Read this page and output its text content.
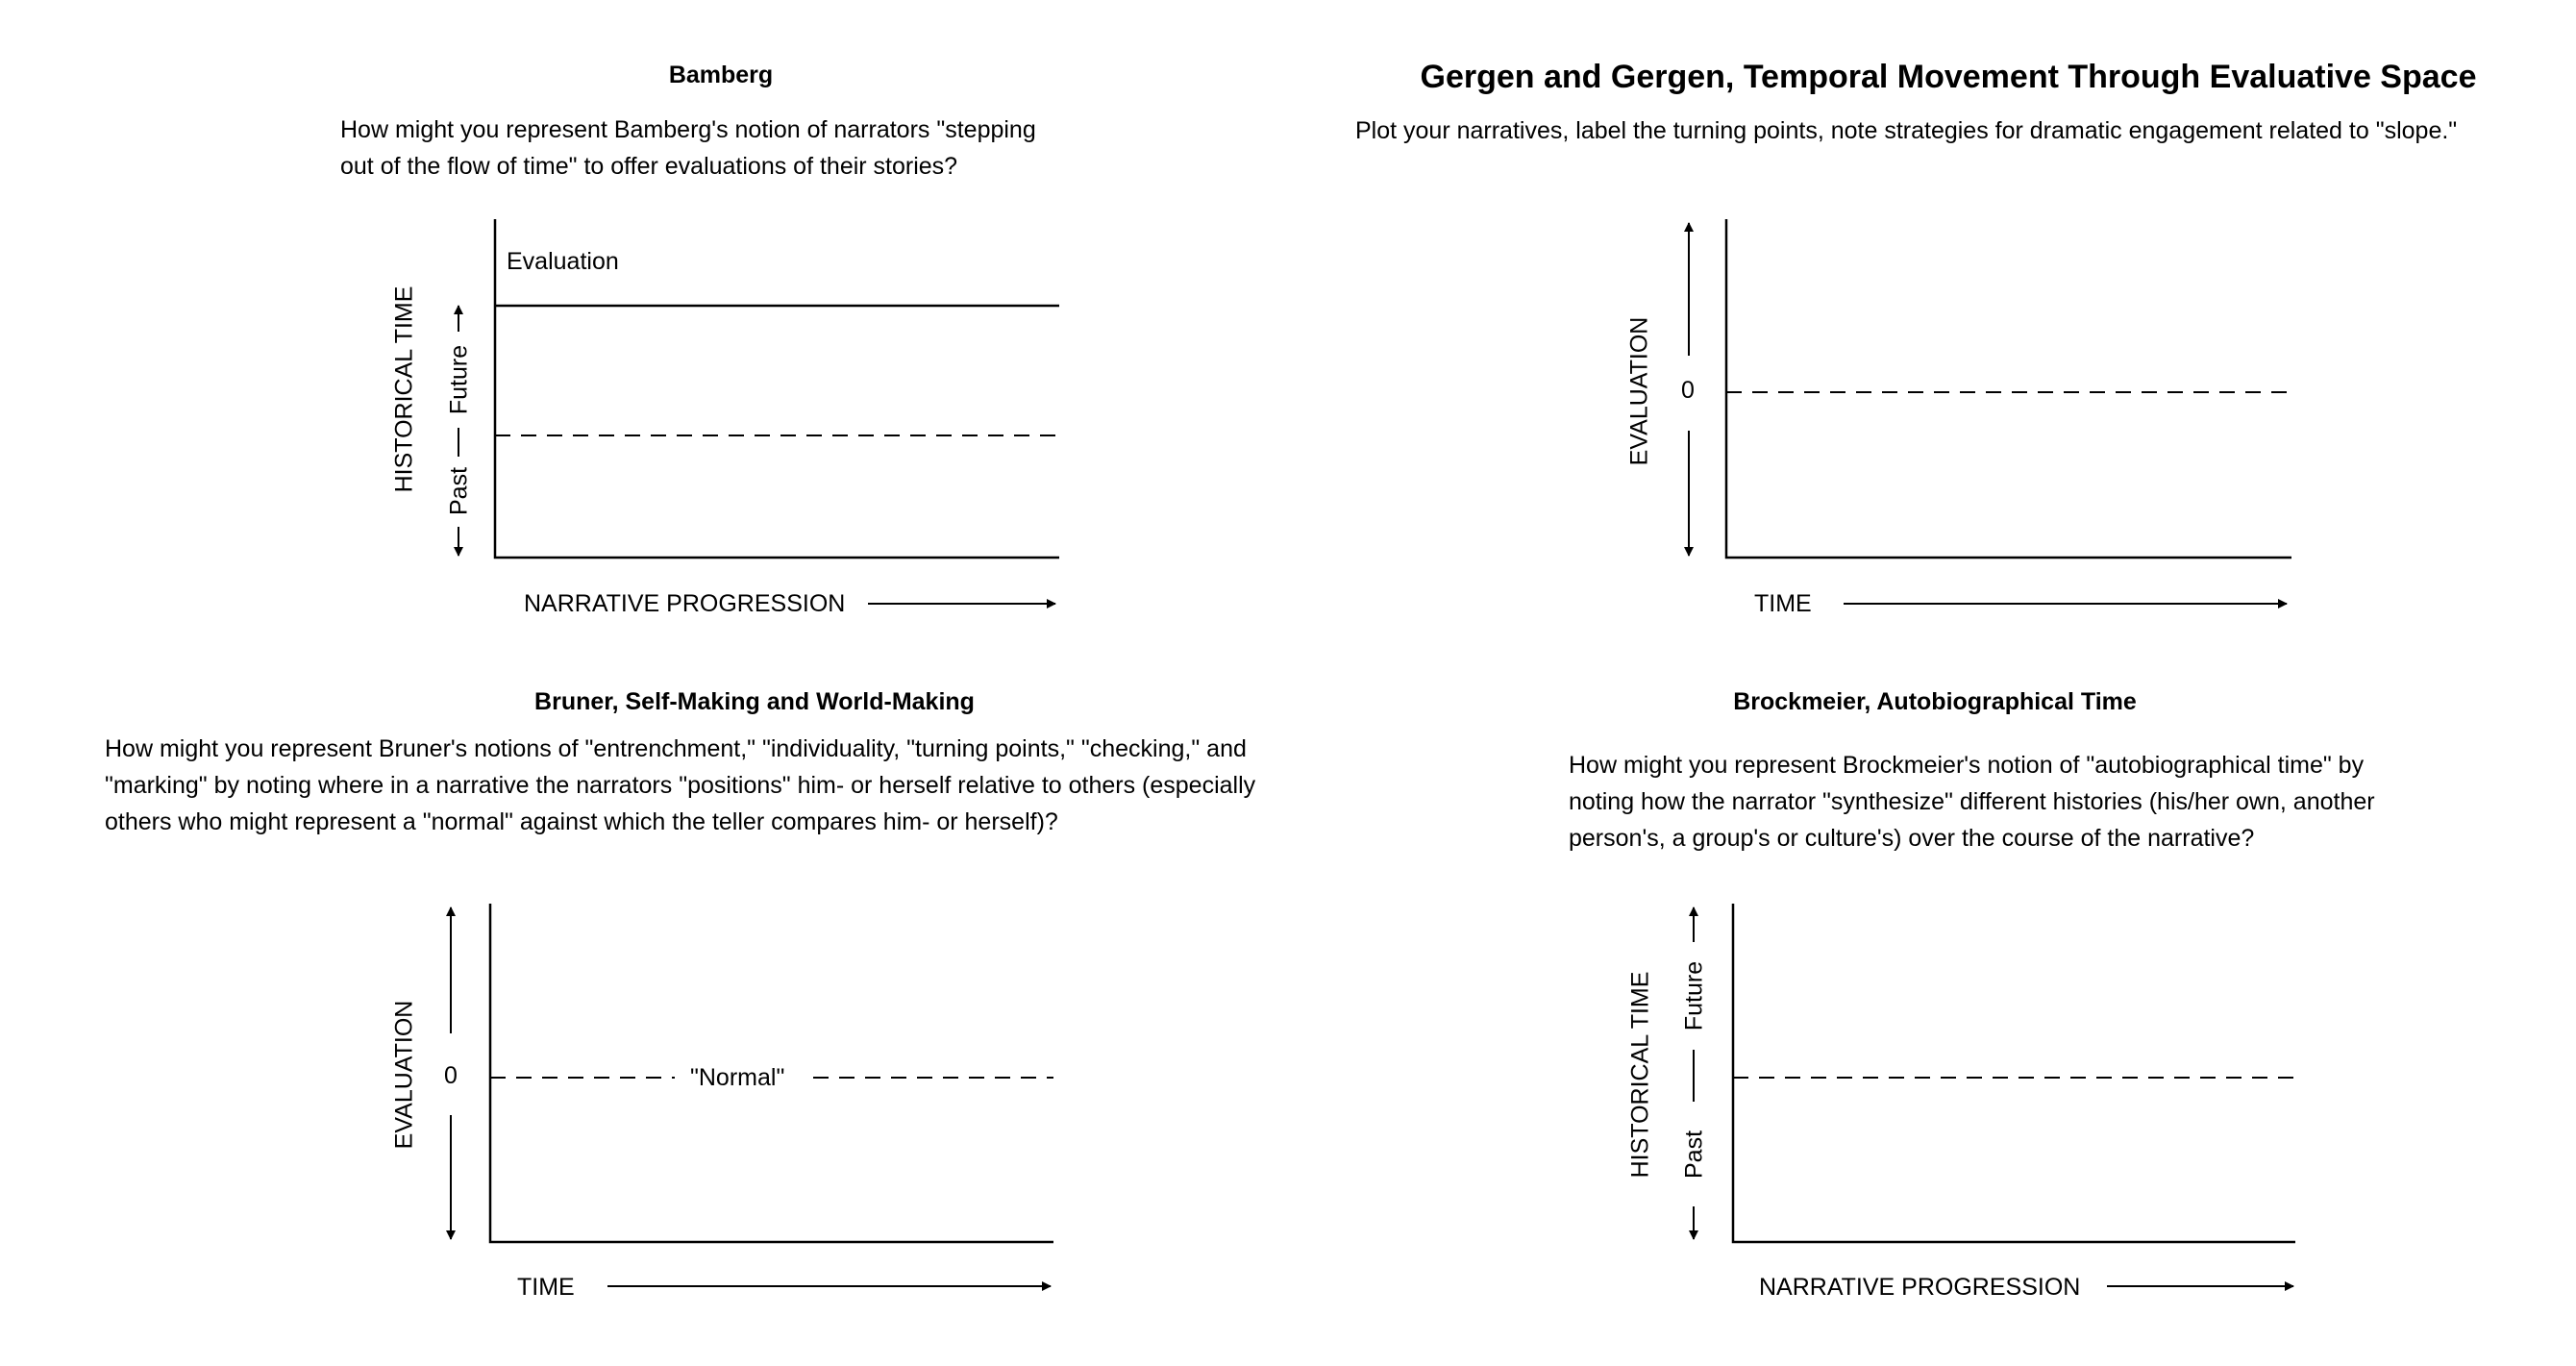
Bamberg
How might you represent Bamberg's notion of narrators "stepping
out of the flow of time" to offer evaluations of their stories?
Evaluation
HISTORICAL TIME Future
Past
NARRATIVE PROGRESSION
Gergen and Gergen, Temporal Movement Through Evaluative Space
Plot your narratives, label the turning points, note strategies for dramatic engagement related to "slope."
EVALUATION 0
TIME
Bruner, Self-Making and World-Making
How might you represent Bruner's notions of "entrenchment," "individuality, "turning points," "checking," and
"marking" by noting where in a narrative the narrators "positions" him- or herself relative to others (especially
others who might represent a "normal" against which the teller compares him- or herself)?
EVALUATION 0	"Normal"
TIME
Brockmeier, Autobiographical Time
How might you represent Brockmeier's notion of "autobiographical time" by
noting how the narrator "synthesize" different histories (his/her own, another
person's, a group's or culture's) over the course of the narrative?
HISTORICAL TIME Future
Past
NARRATIVE PROGRESSION
